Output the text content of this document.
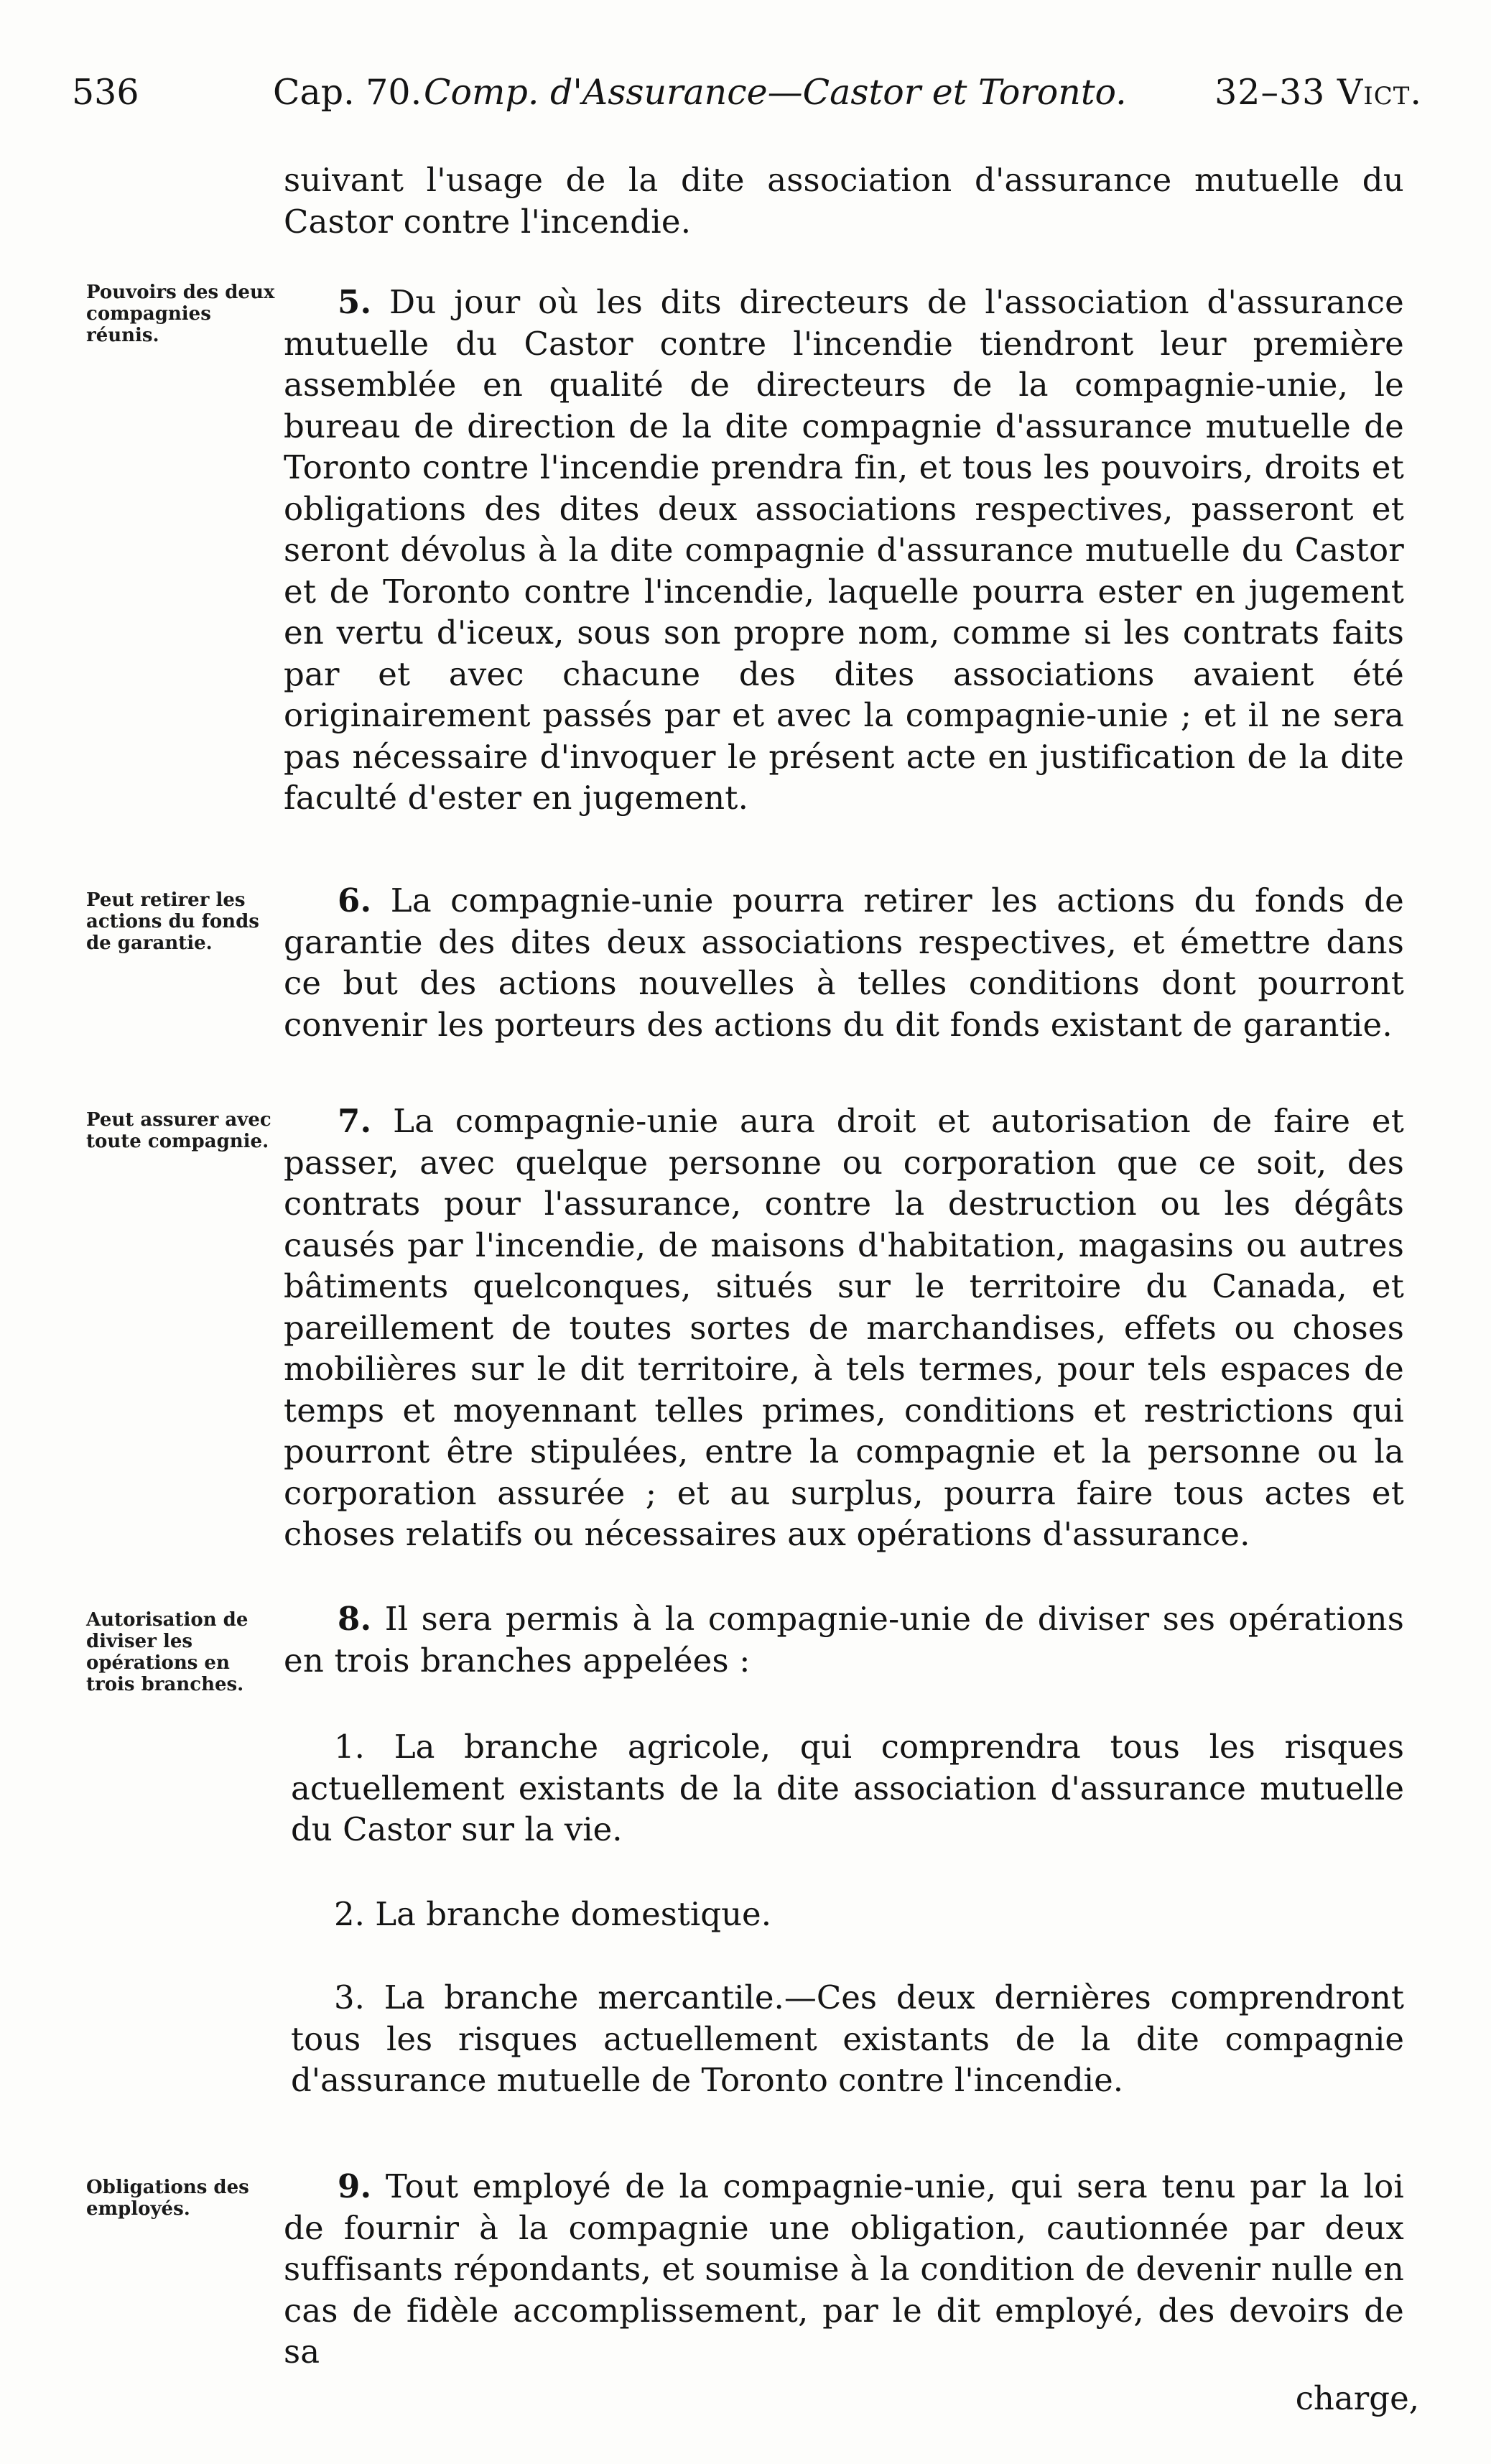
536	Cap. 70. Comp. d'Assurance—Castor et Toronto. 32–33 Vict.

suivant l'usage de la dite association d'assurance mutuelle du Castor contre l'incendie.

Pouvoirs des deux compagnies réunis.

5. Du jour où les dits directeurs de l'association d'assurance mutuelle du Castor contre l'incendie tiendront leur première assemblée en qualité de directeurs de la compagnie-unie, le bureau de direction de la dite compagnie d'assurance mutuelle de Toronto contre l'incendie prendra fin, et tous les pouvoirs, droits et obligations des dites deux associations respectives, passeront et seront dévolus à la dite compagnie d'assurance mutuelle du Castor et de Toronto contre l'incendie, laquelle pourra ester en jugement en vertu d'iceux, sous son propre nom, comme si les contrats faits par et avec chacune des dites associations avaient été originairement passés par et avec la compagnie-unie ; et il ne sera pas nécessaire d'invoquer le présent acte en justification de la dite faculté d'ester en jugement.

Peut retirer les actions du fonds de garantie.

6. La compagnie-unie pourra retirer les actions du fonds de garantie des dites deux associations respectives, et émettre dans ce but des actions nouvelles à telles conditions dont pourront convenir les porteurs des actions du dit fonds existant de garantie.

Peut assurer avec toute compagnie.

7. La compagnie-unie aura droit et autorisation de faire et passer, avec quelque personne ou corporation que ce soit, des contrats pour l'assurance, contre la destruction ou les dégâts causés par l'incendie, de maisons d'habitation, magasins ou autres bâtiments quelconques, situés sur le territoire du Canada, et pareillement de toutes sortes de marchandises, effets ou choses mobilières sur le dit territoire, à tels termes, pour tels espaces de temps et moyennant telles primes, conditions et restrictions qui pourront être stipulées, entre la compagnie et la personne ou la corporation assurée ; et au surplus, pourra faire tous actes et choses relatifs ou nécessaires aux opérations d'assurance.

Autorisation de diviser les opérations en trois branches.

8. Il sera permis à la compagnie-unie de diviser ses opérations en trois branches appelées :

1. La branche agricole, qui comprendra tous les risques actuellement existants de la dite association d'assurance mutuelle du Castor sur la vie.

2. La branche domestique.

3. La branche mercantile.—Ces deux dernières comprendront tous les risques actuellement existants de la dite compagnie d'assurance mutuelle de Toronto contre l'incendie.

Obligations des employés.

9. Tout employé de la compagnie-unie, qui sera tenu par la loi de fournir à la compagnie une obligation, cautionnée par deux suffisants répondants, et soumise à la condition de devenir nulle en cas de fidèle accomplissement, par le dit employé, des devoirs de sa

charge,
